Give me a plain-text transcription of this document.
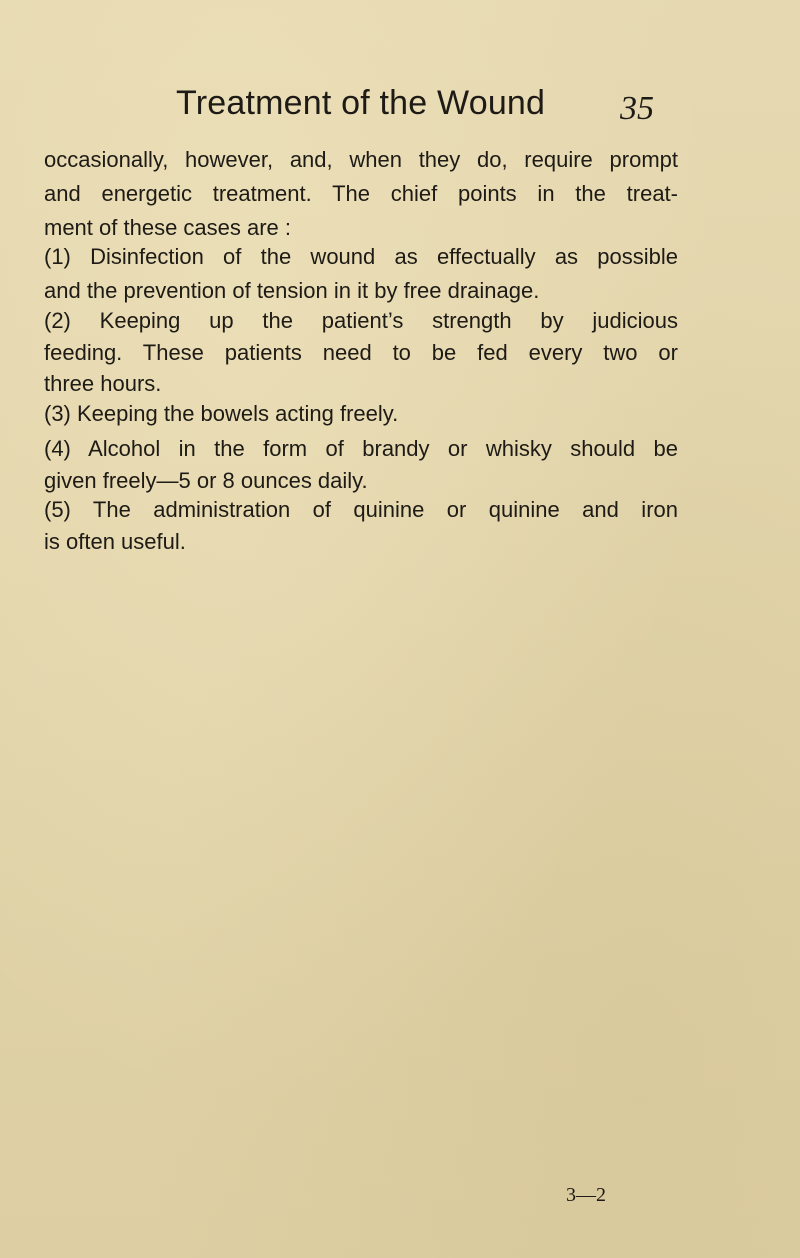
Treatment of the Wound	35
occasionally, however, and, when they do, require prompt
and energetic treatment. The chief points in the treat-
ment of these cases are :
(1) Disinfection of the wound as effectually as possible
and the prevention of tension in it by free drainage.
(2) Keeping up the patient’s strength by judicious
feeding. These patients need to be fed every two or
three hours.
(3) Keeping the bowels acting freely.
(4) Alcohol in the form of brandy or whisky should be
given freely—5 or 8 ounces daily.
(5) The administration of quinine or quinine and iron
is often useful.
3—2
